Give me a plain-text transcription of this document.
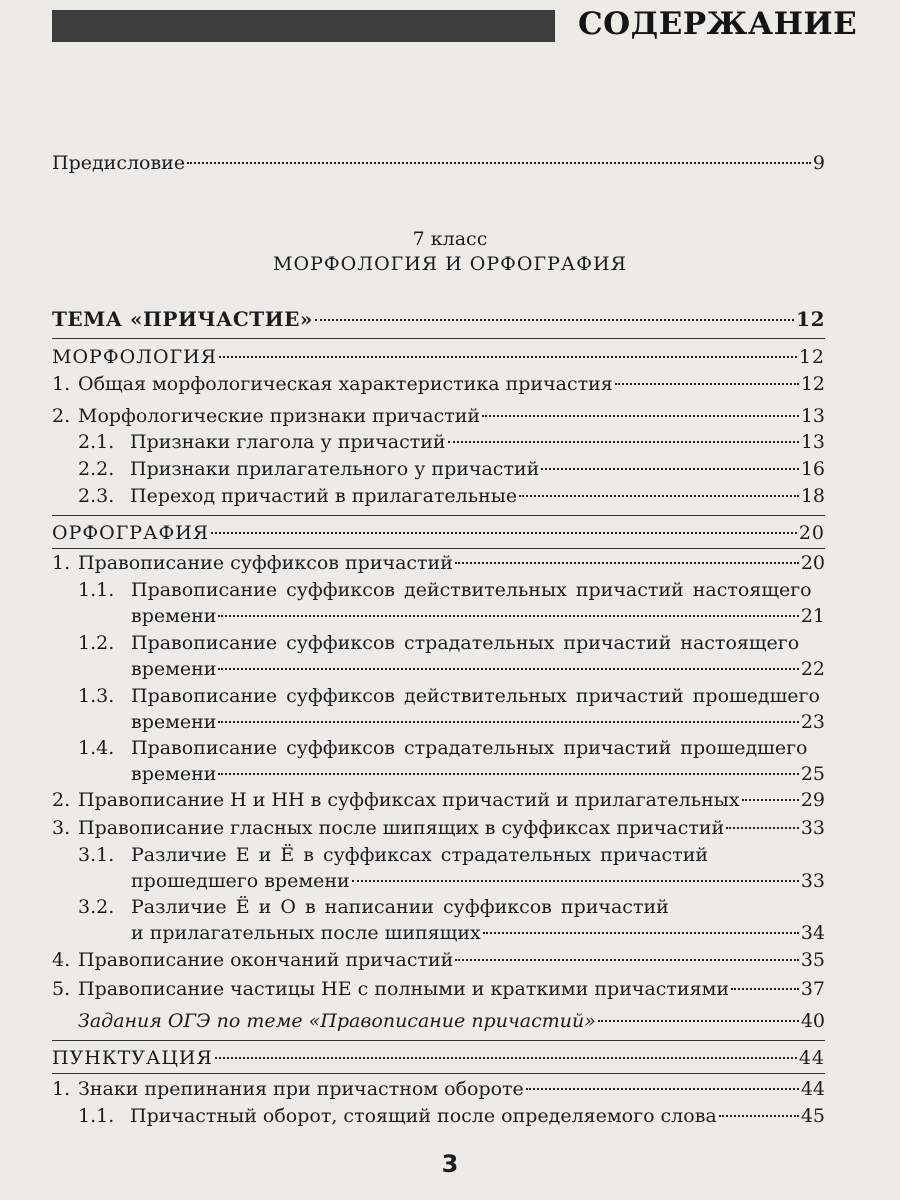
СОДЕРЖАНИЕ
Предисловие	9
7 класс
МОРФОЛОГИЯ И ОРФОГРАФИЯ
ТЕМА «ПРИЧАСТИЕ»	12
МОРФОЛОГИЯ	12
1. Общая морфологическая характеристика причастия	12
2. Морфологические признаки причастий	13
2.1. Признаки глагола у причастий	13
2.2. Признаки прилагательного у причастий	16
2.3. Переход причастий в прилагательные	18
ОРФОГРАФИЯ	20
1. Правописание суффиксов причастий	20
1.1. Правописание суффиксов действительных причастий настоящего
времени	21
1.2. Правописание суффиксов страдательных причастий настоящего
времени	22
1.3. Правописание суффиксов действительных причастий прошедшего
времени	23
1.4. Правописание суффиксов страдательных причастий прошедшего
времени	25
2. Правописание Н и НН в суффиксах причастий и прилагательных	29
3. Правописание гласных после шипящих в суффиксах причастий	33
3.1. Различие Е и Ё в суффиксах страдательных причастий
прошедшего времени	33
3.2. Различие Ё и О в написании суффиксов причастий
и прилагательных после шипящих	34
4. Правописание окончаний причастий	35
5. Правописание частицы НЕ с полными и краткими причастиями	37
Задания ОГЭ по теме «Правописание причастий»	40
ПУНКТУАЦИЯ	44
1. Знаки препинания при причастном обороте	44
1.1. Причастный оборот, стоящий после определяемого слова	45
3
